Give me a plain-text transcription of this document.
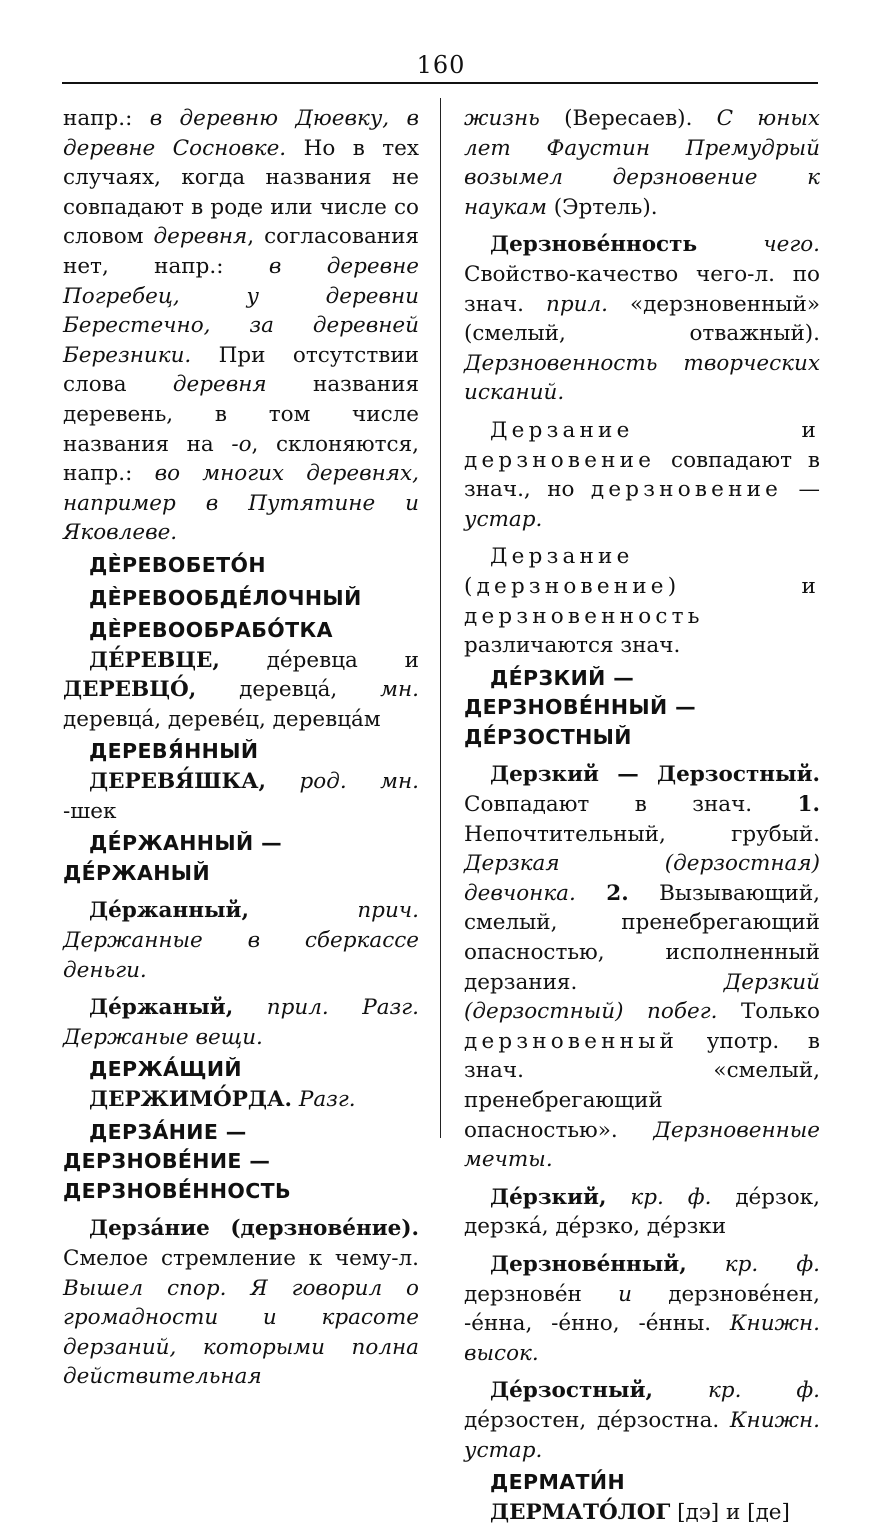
160
напр.: в деревню Дюевку, в деревне Сосновке. Но в тех случаях, когда названия не совпадают в роде или числе со словом деревня, согласования нет, напр.: в деревне Погребец, у деревни Берестечно, за деревней Березники. При отсутствии слова деревня названия деревень, в том числе названия на -о, склоняются, напр.: во многих деревнях, например в Путятине и Яковлеве.
ДЀРЕВОБЕТО́Н
ДЀРЕВООБДЕ́ЛОЧНЫЙ
ДЀРЕВООБРАБО́ТКА
ДЕ́РЕВЦЕ, де́ревца и ДЕРЕВЦО́, деревца́, мн. деревца́, дереве́ц, деревца́м
ДЕРЕВЯ́ННЫЙ
ДЕРЕВЯ́ШКА, род. мн. -шек
ДЕ́РЖАННЫЙ — ДЕ́РЖАНЫЙ
Де́ржанный,	прич. Держанные в сберкассе деньги.
Де́ржаный, прил. Разг. Держаные вещи.
ДЕРЖА́ЩИЙ
ДЕРЖИМО́РДА. Разг.
ДЕРЗА́НИЕ — ДЕРЗНОВЕ́НИЕ — ДЕРЗНОВЕ́ННОСТЬ
Дерза́ние (дерзнове́ние). Смелое стремление к чему-л. Вышел спор. Я говорил о громадности и красоте дерзаний, которыми полна действительная
жизнь (Вересаев). С юных лет Фаустин Премудрый возымел дерзновение к наукам (Эртель).
Дерзнове́нность	чего. Свойство-качество чего-л. по знач. прил. «дерзновенный» (смелый, отважный). Дерзновенность творческих исканий.
Дерзание и дерзновение совпадают в знач., но дерзновение — устар.
Дерзание (дерзновение) и дерзновенность различаются знач.
ДЕ́РЗКИЙ — ДЕРЗНОВЕ́ННЫЙ — ДЕ́РЗОСТНЫЙ
Дерзкий — Дерзостный. Совпадают в знач. 1. Непочтительный, грубый. Дерзкая (дерзостная) девчонка. 2. Вызывающий, смелый, пренебрегающий опасностью, исполненный дерзания. Дерзкий (дерзостный) побег. Только дерзновенный употр. в знач. «смелый, пренебрегающий опасностью». Дерзновенные мечты.
Де́рзкий, кр. ф. де́рзок, дерзка́, де́рзко, де́рзки
Дерзнове́нный, кр. ф. дерзнове́н и дерзнове́нен, -е́нна, -е́нно, -е́нны. Книжн. высок.
Де́рзостный,	кр. ф. де́рзостен, де́рзостна. Книжн. устар.
ДЕРМАТИ́Н
ДЕРМАТО́ЛОГ [дэ] и [де]
